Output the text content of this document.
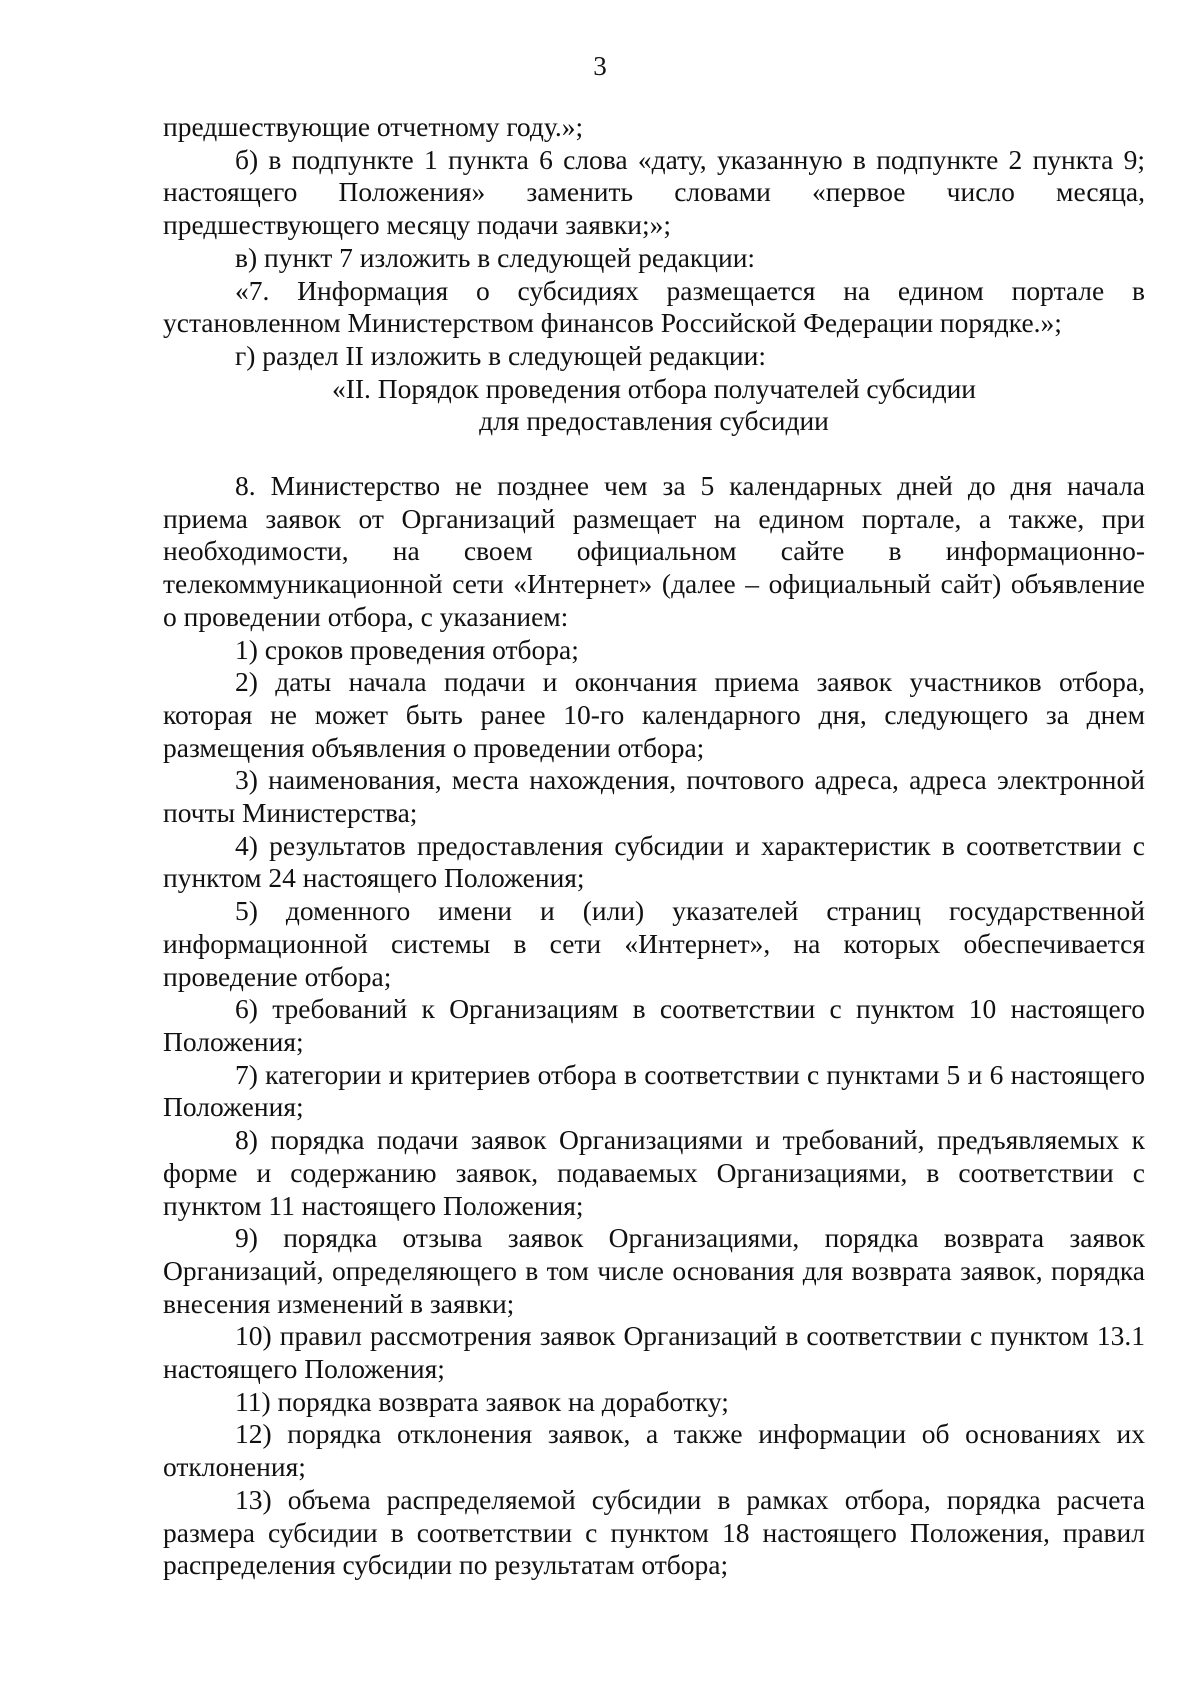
3

предшествующие отчетному году.»;

б) в подпункте 1 пункта 6 слова «дату, указанную в подпункте 2 пункта 9; настоящего Положения» заменить словами «первое число месяца, предшествующего месяцу подачи заявки;»;

в) пункт 7 изложить в следующей редакции:

«7. Информация о субсидиях размещается на едином портале в установленном Министерством финансов Российской Федерации порядке.»;

г) раздел II изложить в следующей редакции:

«II. Порядок проведения отбора получателей субсидии
для предоставления субсидии

8. Министерство не позднее чем за 5 календарных дней до дня начала приема заявок от Организаций размещает на едином портале, а также, при необходимости, на своем официальном сайте в информационно-телекоммуникационной сети «Интернет» (далее – официальный сайт) объявление о проведении отбора, с указанием:

1) сроков проведения отбора;

2) даты начала подачи и окончания приема заявок участников отбора, которая не может быть ранее 10-го календарного дня, следующего за днем размещения объявления о проведении отбора;

3) наименования, места нахождения, почтового адреса, адреса электронной почты Министерства;

4) результатов предоставления субсидии и характеристик в соответствии с пунктом 24 настоящего Положения;

5) доменного имени и (или) указателей страниц государственной информационной системы в сети «Интернет», на которых обеспечивается проведение отбора;

6) требований к Организациям в соответствии с пунктом 10 настоящего Положения;

7) категории и критериев отбора в соответствии с пунктами 5 и 6 настоящего Положения;

8) порядка подачи заявок Организациями и требований, предъявляемых к форме и содержанию заявок, подаваемых Организациями, в соответствии с пунктом 11 настоящего Положения;

9) порядка отзыва заявок Организациями, порядка возврата заявок Организаций, определяющего в том числе основания для возврата заявок, порядка внесения изменений в заявки;

10) правил рассмотрения заявок Организаций в соответствии с пунктом 13.1 настоящего Положения;

11) порядка возврата заявок на доработку;

12) порядка отклонения заявок, а также информации об основаниях их отклонения;

13) объема распределяемой субсидии в рамках отбора, порядка расчета размера субсидии в соответствии с пунктом 18 настоящего Положения, правил распределения субсидии по результатам отбора;
